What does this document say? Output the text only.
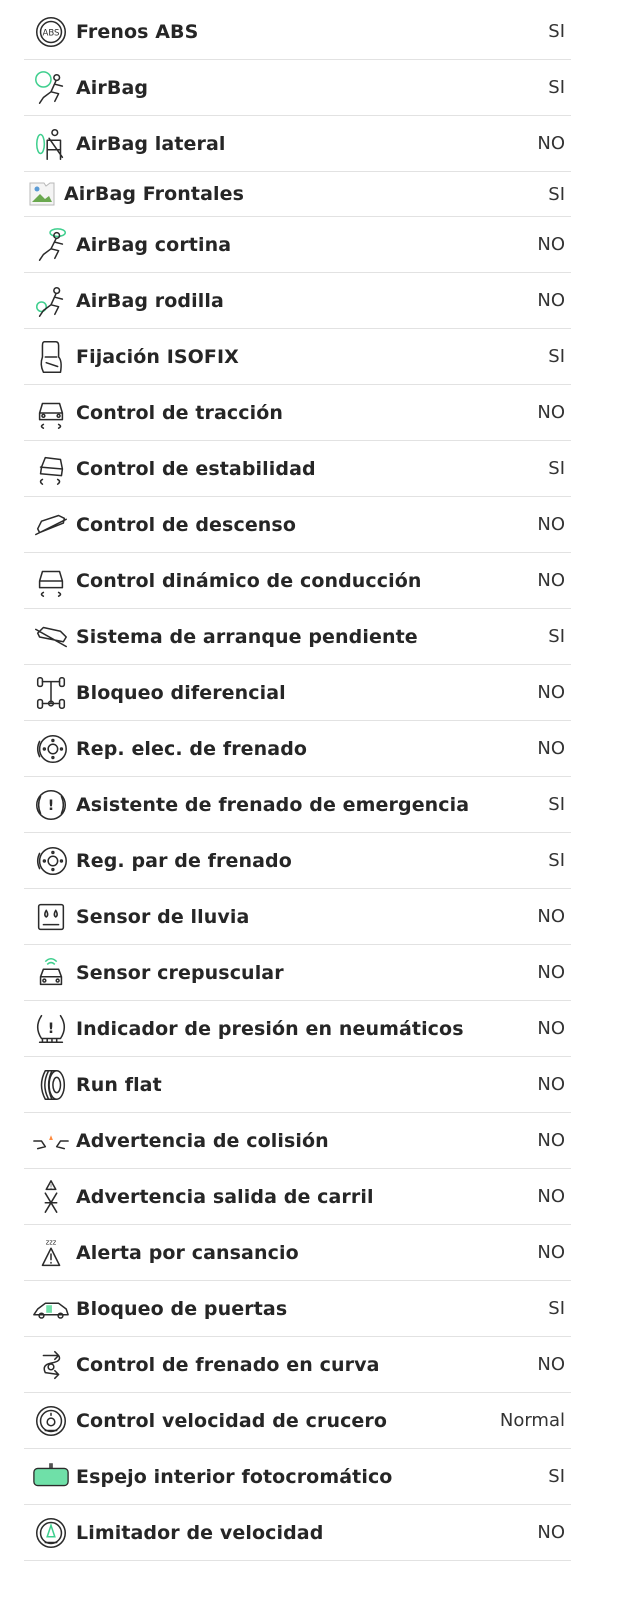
ABS Frenos ABS	SI
AirBag	SI
AirBag lateral	NO
AirBag Frontales	SI
AirBag cortina	NO
AirBag rodilla	NO
Fijación ISOFIX	SI
Control de tracción	NO
Control de estabilidad	SI
Control de descenso	NO
Control dinámico de conducción	NO
Sistema de arranque pendiente	SI
Bloqueo diferencial	NO
Rep. elec. de frenado	NO
! Asistente de frenado de emergencia	SI
Reg. par de frenado	SI
Sensor de lluvia	NO
Sensor crepuscular	NO
! Indicador de presión en neumáticos	NO
Run flat	NO
Advertencia de colisión	NO
! Advertencia salida de carril	NO
zzz Alerta por cansancio	NO
Bloqueo de puertas	SI
Control de frenado en curva	NO
Control velocidad de crucero	Normal
Espejo interior fotocromático	SI
Limitador de velocidad	NO
